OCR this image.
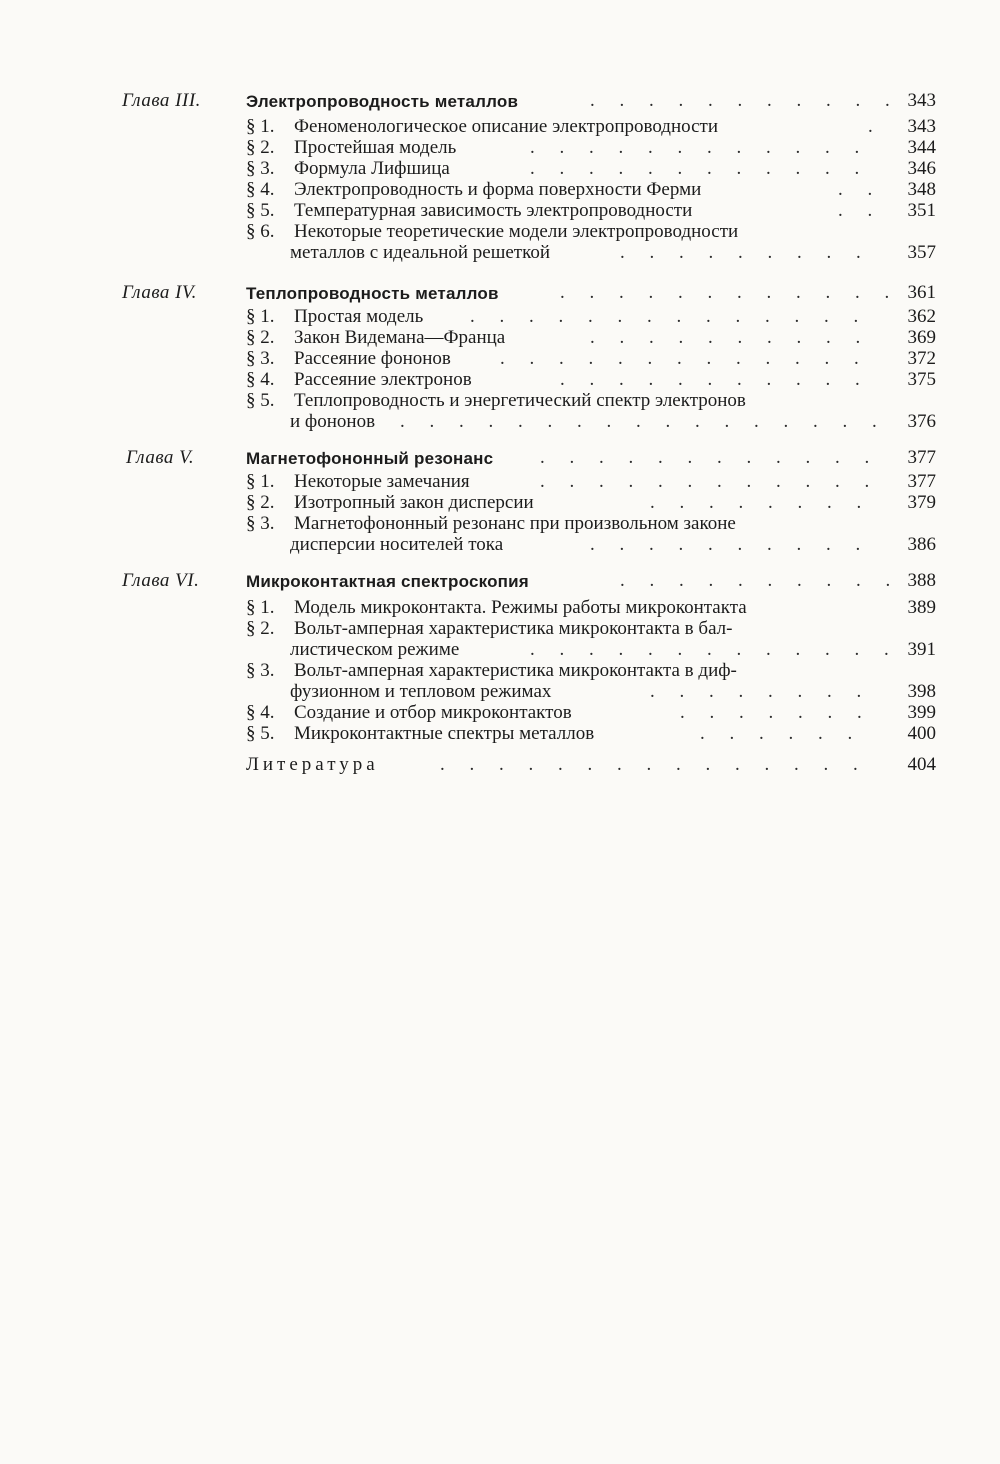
Глава III.	Электропроводность металлов	. . . . . . . . . . . 343
§ 1. Феноменологическое описание электропроводности	.	343
§ 2. Простейшая модель	. . . . . . . . . . . .	344
§ 3. Формула Лифшица	. . . . . . . . . . . .	346
§ 4. Электропроводность и форма поверхности Ферми	. .	348
§ 5. Температурная зависимость электропроводности	. .	351
§ 6. Некоторые теоретические модели электропроводности
металлов с идеальной решеткой	. . . . . . . . .	357
Глава IV.	Теплопроводность металлов	. . . . . . . . . . . . 361
§ 1. Простая модель . . . . . . . . . . . . . .	362
§ 2. Закон Видемана—Франца	. . . . . . . . . .	369
§ 3. Рассеяние фононов	. . . . . . . . . . . . .	372
§ 4. Рассеяние электронов	. . . . . . . . . . .	375
§ 5. Теплопроводность и энергетический спектр электронов
и фононов . . . . . . . . . . . . . . . . .	376
Глава V.	Магнетофононный резонанс . . . . . . . . . . . .	377
§ 1. Некоторые замечания	. . . . . . . . . . . .	377
§ 2. Изотропный закон дисперсии	. . . . . . . .	379
§ 3. Магнетофононный резонанс при произвольном законе
дисперсии носителей тока	. . . . . . . . . .	386
Глава VI.	Микроконтактная спектроскопия	. . . . . . . . . . 388
§ 1. Модель микроконтакта. Режимы работы микроконтакта	389
§ 2. Вольт-амперная характеристика микроконтакта в бал-
листическом режиме	. . . . . . . . . . . . . 391
§ 3. Вольт-амперная характеристика микроконтакта в диф-
фузионном и тепловом режимах	. . . . . . . .	398
§ 4. Создание и отбор микроконтактов	. . . . . . .	399
§ 5. Микроконтактные спектры металлов	. . . . . .	400
Литература	. . . . . . . . . . . . . . .	404
